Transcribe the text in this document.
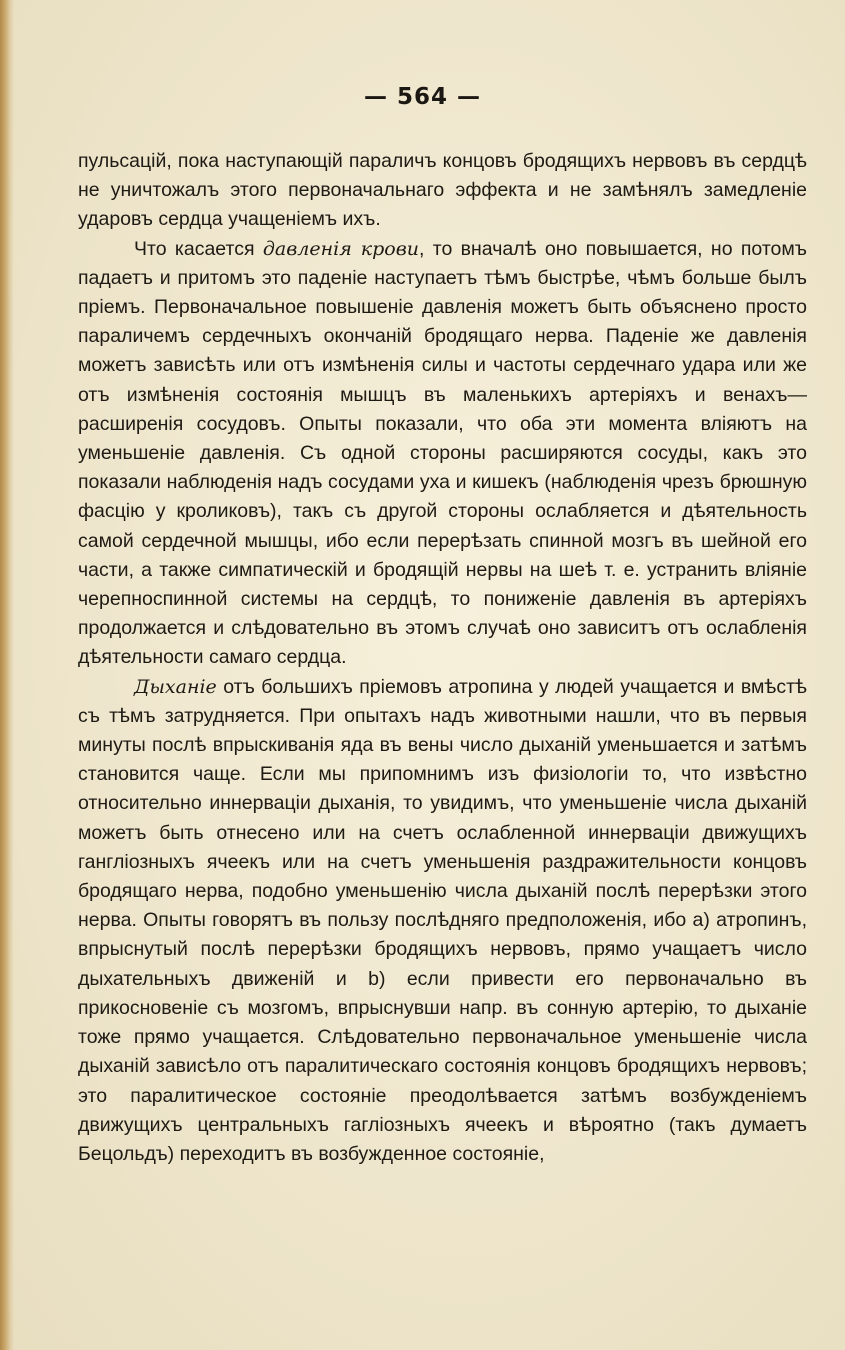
— 564 —

пульсацій, пока наступающій параличъ концовъ бродящихъ нервовъ въ сердцѣ не уничтожалъ этого первоначальнаго эффекта и не замѣнялъ замедленіе ударовъ сердца учащеніемъ ихъ.

Что касается давленія крови, то вначалѣ оно повышается, но потомъ падаетъ и притомъ это паденіе наступаетъ тѣмъ быстрѣе, чѣмъ больше былъ пріемъ. Первоначальное повышеніе давленія можетъ быть объяснено просто параличемъ сердечныхъ окончаній бродящаго нерва. Паденіе же давленія можетъ зависѣть или отъ измѣненія силы и частоты сердечнаго удара или же отъ измѣненія состоянія мышцъ въ маленькихъ артеріяхъ и венахъ—расширенія сосудовъ. Опыты показали, что оба эти момента вліяютъ на уменьшеніе давленія. Съ одной стороны расширяются сосуды, какъ это показали наблюденія надъ сосудами уха и кишекъ (наблюденія чрезъ брюшную фасцію у кроликовъ), такъ съ другой стороны ослабляется и дѣятельность самой сердечной мышцы, ибо если перерѣзать спинной мозгъ въ шейной его части, а также симпатическій и бродящій нервы на шеѣ т. е. устранить вліяніе черепноспинной системы на сердцѣ, то пониженіе давленія въ артеріяхъ продолжается и слѣдовательно въ этомъ случаѣ оно зависитъ отъ ослабленія дѣятельности самаго сердца.

Дыханіе отъ большихъ пріемовъ атропина у людей учащается и вмѣстѣ съ тѣмъ затрудняется. При опытахъ надъ животными нашли, что въ первыя минуты послѣ впрыскиванія яда въ вены число дыханій уменьшается и затѣмъ становится чаще. Если мы припомнимъ изъ физіологіи то, что извѣстно относительно иннерваціи дыханія, то увидимъ, что уменьшеніе числа дыханій можетъ быть отнесено или на счетъ ослабленной иннерваціи движущихъ ганглiозныхъ ячеекъ или на счетъ уменьшенія раздражительности концовъ бродящаго нерва, подобно уменьшенію числа дыханій послѣ перерѣзки этого нерва. Опыты говорятъ въ пользу послѣдняго предположенія, ибо а) атропинъ, впрыснутый послѣ перерѣзки бродящихъ нервовъ, прямо учащаетъ число дыхательныхъ движеній и b) если привести его первоначально въ прикосновеніе съ мозгомъ, впрыснувши напр. въ сонную артерію, то дыханіе тоже прямо учащается. Слѣдовательно первоначальное уменьшеніе числа дыханій зависѣло отъ паралитическаго состоянія концовъ бродящихъ нервовъ; это паралитическое состояніе преодолѣвается затѣмъ возбужденіемъ движущихъ центральныхъ гагліозныхъ ячеекъ и вѣроятно (такъ думаетъ Бецольдъ) переходитъ въ возбужденное состояніе,
